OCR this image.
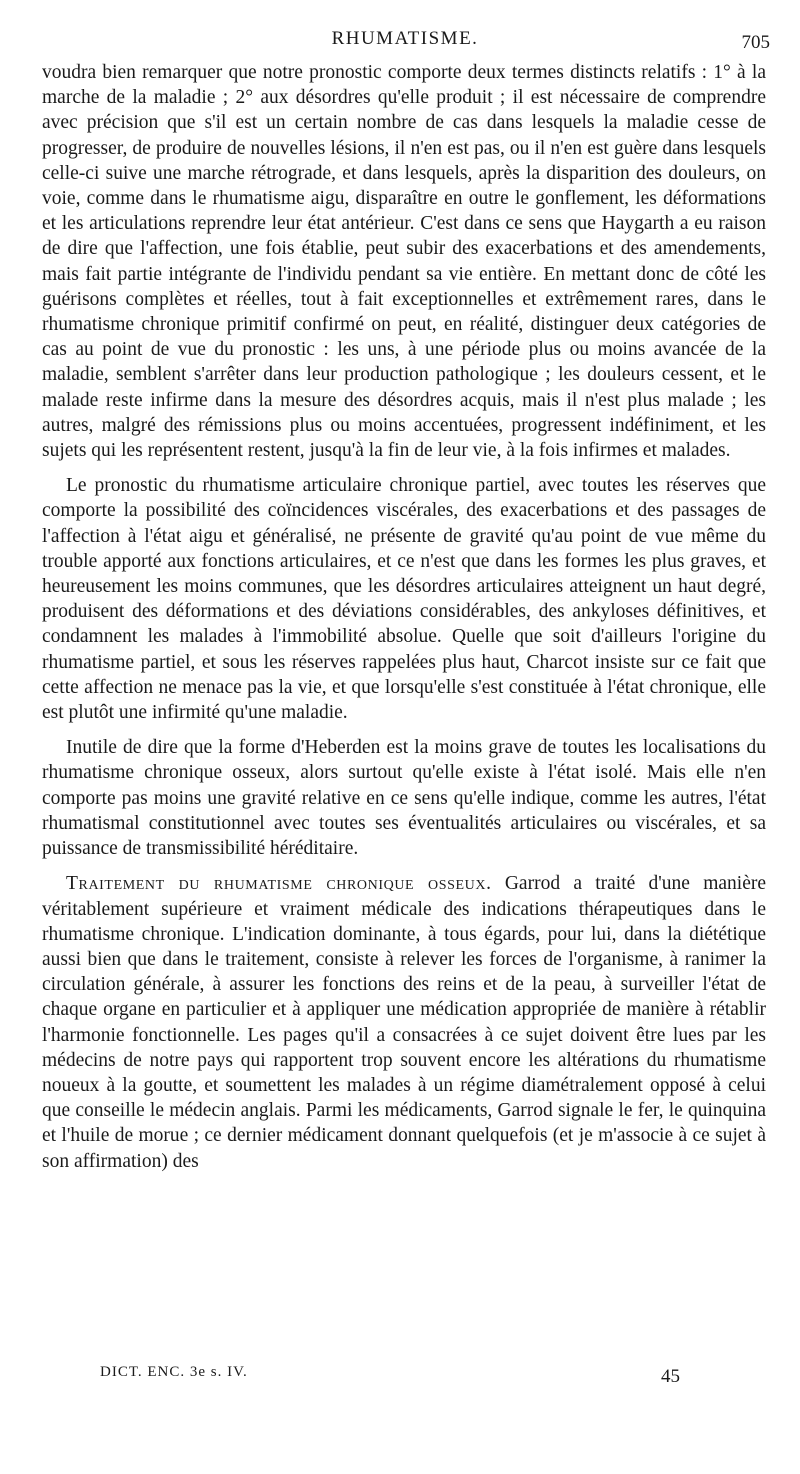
RHUMATISME.	705

voudra bien remarquer que notre pronostic comporte deux termes distincts relatifs : 1° à la marche de la maladie ; 2° aux désordres qu'elle produit ; il est nécessaire de comprendre avec précision que s'il est un certain nombre de cas dans lesquels la maladie cesse de progresser, de produire de nouvelles lésions, il n'en est pas, ou il n'en est guère dans lesquels celle-ci suive une marche rétrograde, et dans lesquels, après la disparition des douleurs, on voie, comme dans le rhumatisme aigu, disparaître en outre le gonflement, les déformations et les articulations reprendre leur état antérieur. C'est dans ce sens que Haygarth a eu raison de dire que l'affection, une fois établie, peut subir des exacerbations et des amendements, mais fait partie intégrante de l'individu pendant sa vie entière. En mettant donc de côté les guérisons complètes et réelles, tout à fait exceptionnelles et extrêmement rares, dans le rhumatisme chronique primitif confirmé on peut, en réalité, distinguer deux catégories de cas au point de vue du pronostic : les uns, à une période plus ou moins avancée de la maladie, semblent s'arrêter dans leur production pathologique ; les douleurs cessent, et le malade reste infirme dans la mesure des désordres acquis, mais il n'est plus malade ; les autres, malgré des rémissions plus ou moins accentuées, progressent indéfiniment, et les sujets qui les représentent restent, jusqu'à la fin de leur vie, à la fois infirmes et malades.

Le pronostic du rhumatisme articulaire chronique partiel, avec toutes les réserves que comporte la possibilité des coïncidences viscérales, des exacerbations et des passages de l'affection à l'état aigu et généralisé, ne présente de gravité qu'au point de vue même du trouble apporté aux fonctions articulaires, et ce n'est que dans les formes les plus graves, et heureusement les moins communes, que les désordres articulaires atteignent un haut degré, produisent des déformations et des déviations considérables, des ankyloses définitives, et condamnent les malades à l'immobilité absolue. Quelle que soit d'ailleurs l'origine du rhumatisme partiel, et sous les réserves rappelées plus haut, Charcot insiste sur ce fait que cette affection ne menace pas la vie, et que lorsqu'elle s'est constituée à l'état chronique, elle est plutôt une infirmité qu'une maladie.

Inutile de dire que la forme d'Heberden est la moins grave de toutes les localisations du rhumatisme chronique osseux, alors surtout qu'elle existe à l'état isolé. Mais elle n'en comporte pas moins une gravité relative en ce sens qu'elle indique, comme les autres, l'état rhumatismal constitutionnel avec toutes ses éventualités articulaires ou viscérales, et sa puissance de transmissibilité héréditaire.

Traitement du rhumatisme chronique osseux. Garrod a traité d'une manière véritablement supérieure et vraiment médicale des indications thérapeutiques dans le rhumatisme chronique. L'indication dominante, à tous égards, pour lui, dans la diététique aussi bien que dans le traitement, consiste à relever les forces de l'organisme, à ranimer la circulation générale, à assurer les fonctions des reins et de la peau, à surveiller l'état de chaque organe en particulier et à appliquer une médication appropriée de manière à rétablir l'harmonie fonctionnelle. Les pages qu'il a consacrées à ce sujet doivent être lues par les médecins de notre pays qui rapportent trop souvent encore les altérations du rhumatisme noueux à la goutte, et soumettent les malades à un régime diamétralement opposé à celui que conseille le médecin anglais. Parmi les médicaments, Garrod signale le fer, le quinquina et l'huile de morue ; ce dernier médicament donnant quelquefois (et je m'associe à ce sujet à son affirmation) des

DICT. ENC. 3e s. IV.	45
